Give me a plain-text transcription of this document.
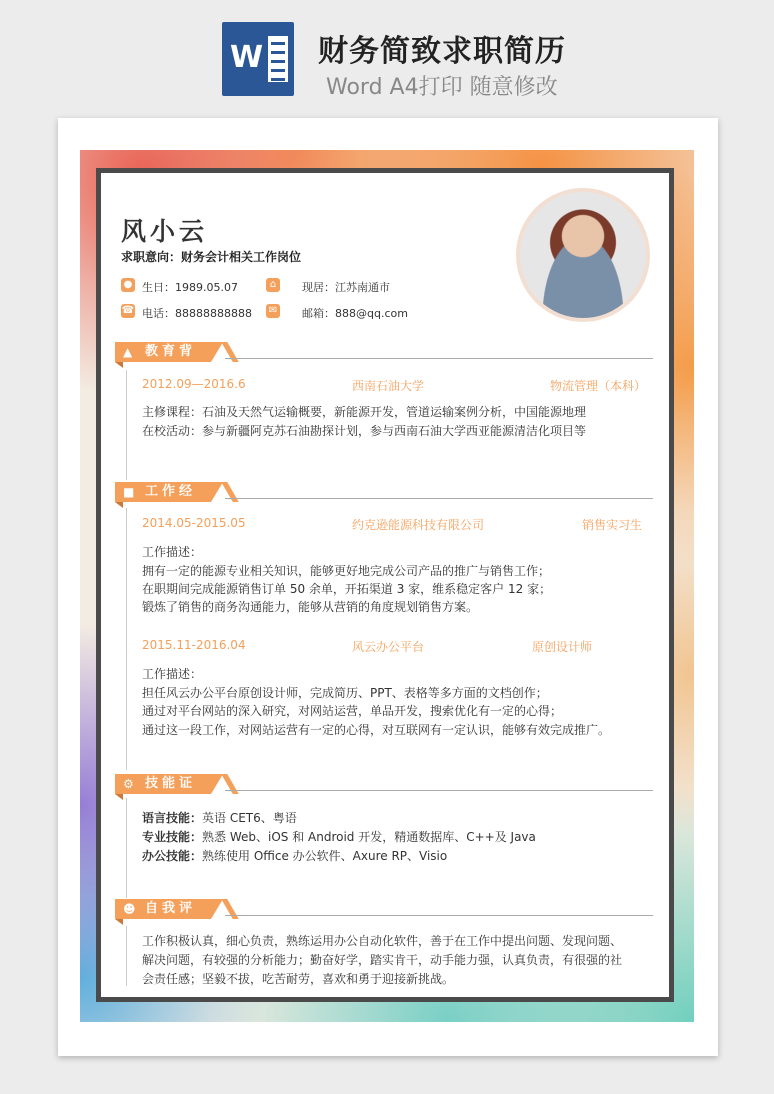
W 财务简致求职简历
Word A4打印 随意修改
风小云
求职意向：财务会计相关工作岗位
● 生日：1989.05.07	⌂	现居：江苏南通市
☎ 电话：88888888888 ✉ 邮箱：888@qq.com
教育背景
▲
2012.09—2016.6	西南石油大学	物流管理（本科）
主修课程：石油及天然气运输概要，新能源开发，管道运输案例分析，中国能源地理
在校活动：参与新疆阿克苏石油勘探计划，参与西南石油大学西亚能源清洁化项目等
工作经历
■
2014.05-2015.05	约克逊能源科技有限公司	销售实习生
工作描述：
拥有一定的能源专业相关知识，能够更好地完成公司产品的推广与销售工作；
在职期间完成能源销售订单 50 余单，开拓渠道 3 家，维系稳定客户 12 家；
锻炼了销售的商务沟通能力，能够从营销的角度规划销售方案。
2015.11-2016.04	风云办公平台	原创设计师
工作描述：
担任风云办公平台原创设计师，完成简历、PPT、表格等多方面的文档创作；
通过对平台网站的深入研究，对网站运营，单品开发，搜索优化有一定的心得；
通过这一段工作，对网站运营有一定的心得，对互联网有一定认识，能够有效完成推广。
技能证书
⚙
语言技能：英语 CET6、粤语
专业技能：熟悉 Web、iOS 和 Android 开发，精通数据库、C++及 Java
办公技能：熟练使用 Office 办公软件、Axure RP、Visio
自我评价
☻
工作积极认真，细心负责，熟练运用办公自动化软件，善于在工作中提出问题、发现问题、解决问题，有较强的分析能力；勤奋好学，踏实肯干，动手能力强，认真负责，有很强的社会责任感；坚毅不拔，吃苦耐劳，喜欢和勇于迎接新挑战。
